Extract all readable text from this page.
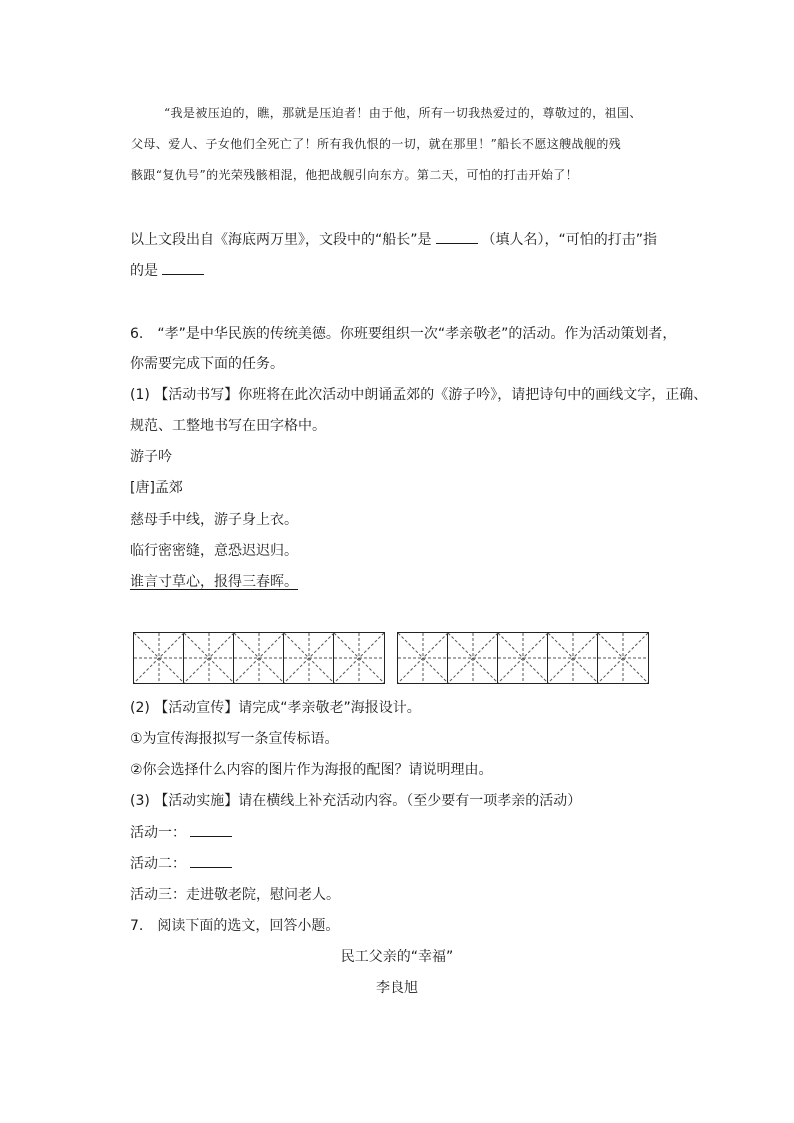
“我是被压迫的，瞧，那就是压迫者！由于他，所有一切我热爱过的，尊敬过的，祖国、
父母、爱人、子女他们全死亡了！所有我仇恨的一切，就在那里！”船长不愿这艘战舰的残
骸跟“复仇号”的光荣残骸相混，他把战舰引向东方。第二天，可怕的打击开始了！
以上文段出自《海底两万里》，文段中的“船长”是	（填人名），“可怕的打击”指
的是
6.　“孝”是中华民族的传统美德。你班要组织一次“孝亲敬老”的活动。作为活动策划者，
你需要完成下面的任务。
(1) 【活动书写】你班将在此次活动中朗诵孟郊的《游子吟》，请把诗句中的画线文字，正确、
规范、工整地书写在田字格中。
游子吟
[唐]孟郊
慈母手中线，游子身上衣。
临行密密缝，意恐迟迟归。
谁言寸草心，报得三春晖。
(2) 【活动宣传】请完成“孝亲敬老”海报设计。
①为宣传海报拟写一条宣传标语。
②你会选择什么内容的图片作为海报的配图？请说明理由。
(3) 【活动实施】请在横线上补充活动内容。（至少要有一项孝亲的活动）
活动一：
活动二：
活动三：走进敬老院，慰问老人。
7.　阅读下面的选文，回答小题。
民工父亲的“幸福”
李良旭
